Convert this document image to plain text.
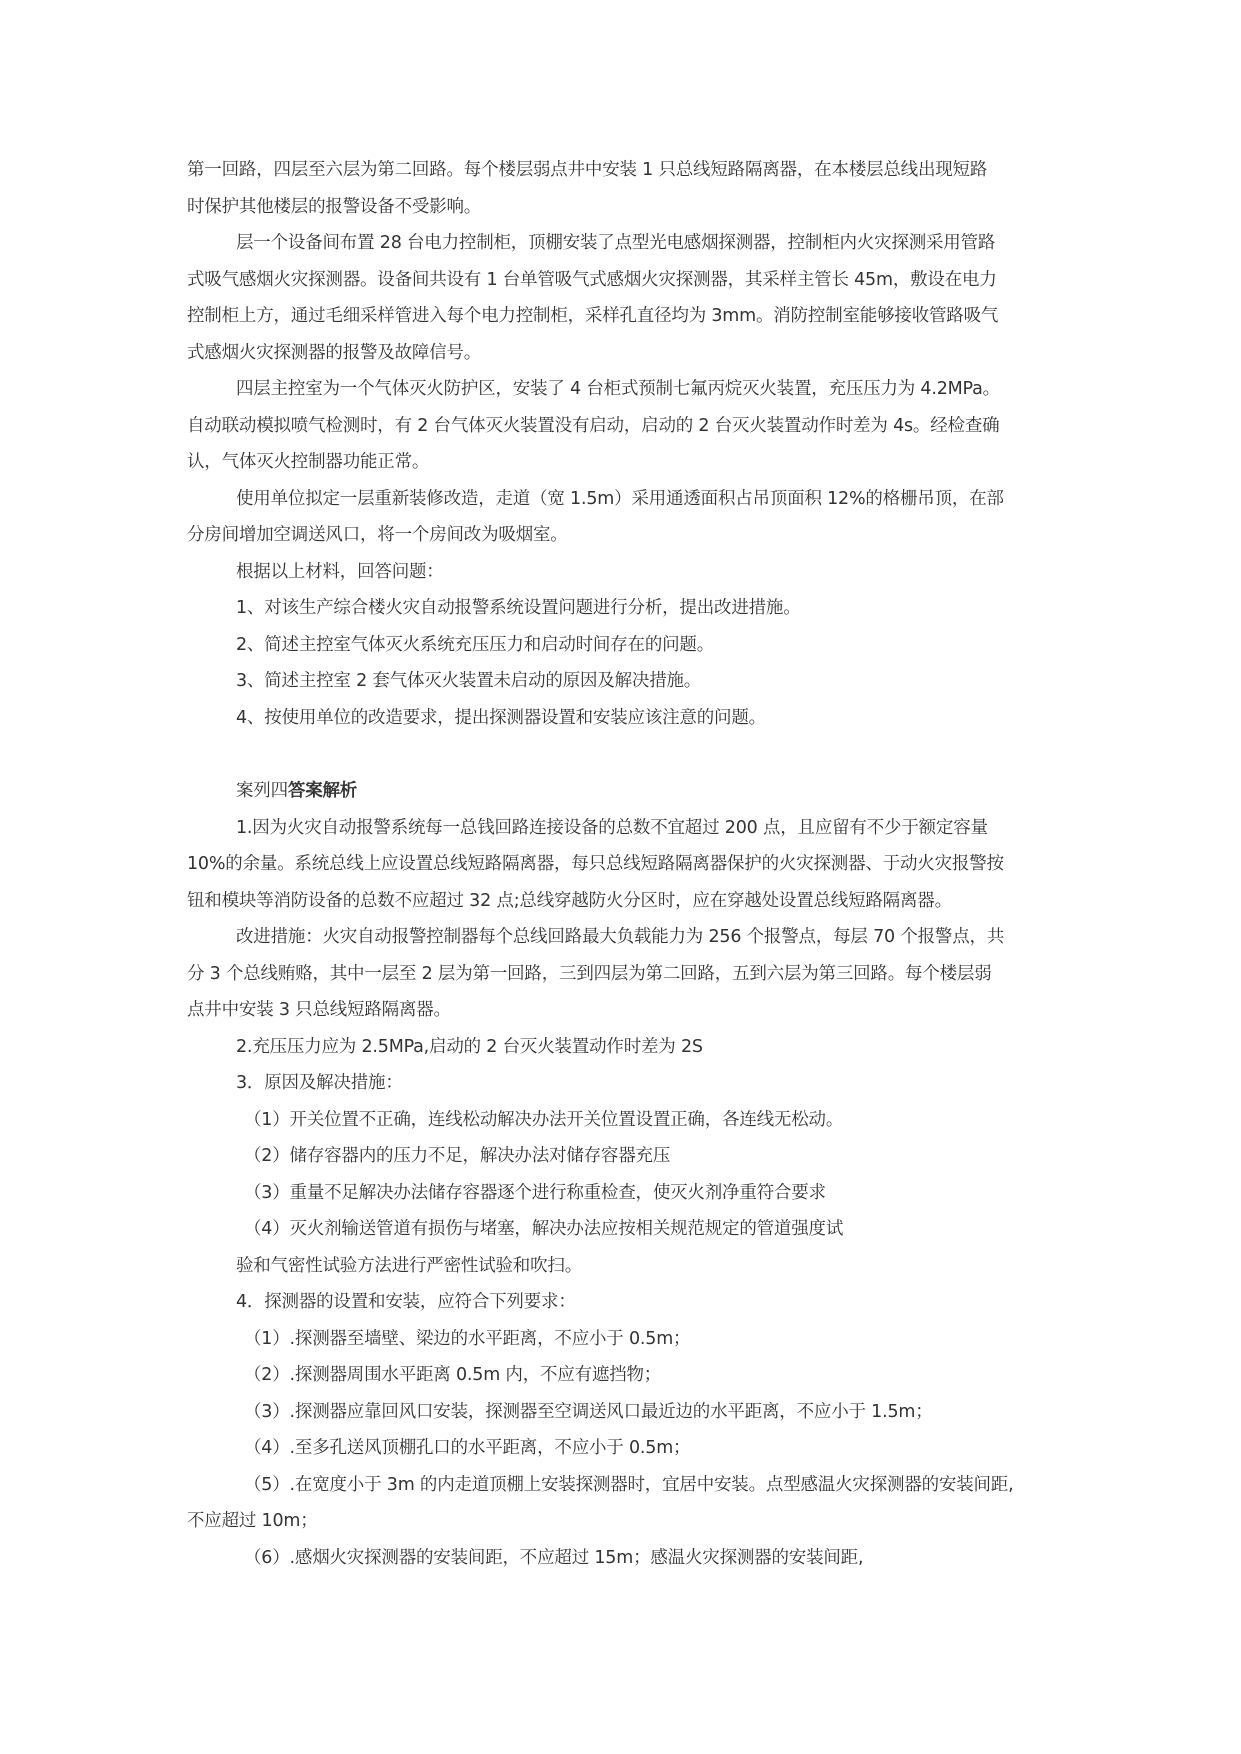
第一回路，四层至六层为第二回路。每个楼层弱点井中安装 1 只总线短路隔离器，在本楼层总线出现短路

时保护其他楼层的报警设备不受影响。

层一个设备间布置 28 台电力控制柜，顶棚安装了点型光电感烟探测器，控制柜内火灾探测采用管路

式吸气感烟火灾探测器。设备间共设有 1 台单管吸气式感烟火灾探测器，其采样主管长 45m，敷设在电力

控制柜上方，通过毛细采样管进入每个电力控制柜，采样孔直径均为 3mm。消防控制室能够接收管路吸气

式感烟火灾探测器的报警及故障信号。

四层主控室为一个气体灭火防护区，安装了 4 台柜式预制七氟丙烷灭火装置，充压压力为 4.2MPa。

自动联动模拟喷气检测时，有 2 台气体灭火装置没有启动，启动的 2 台灭火装置动作时差为 4s。经检查确

认，气体灭火控制器功能正常。

使用单位拟定一层重新装修改造，走道（宽 1.5m）采用通透面积占吊顶面积 12%的格栅吊顶，在部

分房间增加空调送风口，将一个房间改为吸烟室。

根据以上材料，回答问题：

1、对该生产综合楼火灾自动报警系统设置问题进行分析，提出改进措施。

2、简述主控室气体灭火系统充压压力和启动时间存在的问题。

3、简述主控室 2 套气体灭火装置未启动的原因及解决措施。

4、按使用单位的改造要求，提出探测器设置和安装应该注意的问题。

案列四答案解析

1.因为火灾自动报警系统每一总钱回路连接设备的总数不宜超过 200 点，且应留有不少于额定容量

10%的余量。系统总线上应设置总线短路隔离器，每只总线短路隔离器保护的火灾探测器、于动火灾报警按

钮和模块等消防设备的总数不应超过 32 点;总线穿越防火分区时，应在穿越处设置总线短路隔离器。

改进措施：火灾自动报警控制器每个总线回路最大负载能力为 256 个报警点，每层 70 个报警点，共

分 3 个总线贿赂，其中一层至 2 层为第一回路，三到四层为第二回路，五到六层为第三回路。每个楼层弱

点井中安装 3 只总线短路隔离器。

2.充压压力应为 2.5MPa,启动的 2 台灭火装置动作时差为 2S

3．原因及解决措施：

（1）开关位置不正确，连线松动解决办法开关位置设置正确，各连线无松动。

（2）储存容器内的压力不足，解决办法对储存容器充压

（3）重量不足解决办法储存容器逐个进行称重检查，使灭火剂净重符合要求

（4）灭火剂输送管道有损伤与堵塞，解决办法应按相关规范规定的管道强度试

验和气密性试验方法进行严密性试验和吹扫。

4．探测器的设置和安装，应符合下列要求：

（1）.探测器至墙壁、梁边的水平距离，不应小于 0.5m；

（2）.探测器周围水平距离 0.5m 内，不应有遮挡物；

（3）.探测器应靠回风口安装，探测器至空调送风口最近边的水平距离，不应小于 1.5m；

（4）.至多孔送风顶棚孔口的水平距离，不应小于 0.5m；

（5）.在宽度小于 3m 的内走道顶棚上安装探测器时，宜居中安装。点型感温火灾探测器的安装间距,

不应超过 10m；

（6）.感烟火灾探测器的安装间距，不应超过 15m；感温火灾探测器的安装间距,
